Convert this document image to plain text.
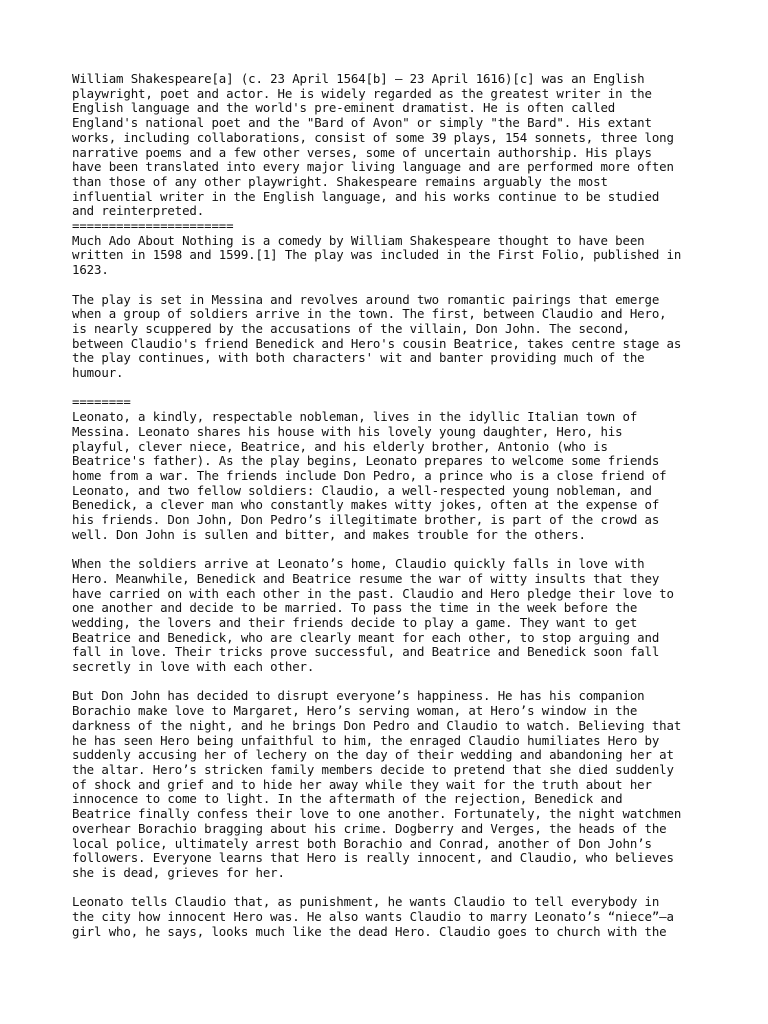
William Shakespeare[a] (c. 23 April 1564[b] – 23 April 1616)[c] was an English
playwright, poet and actor. He is widely regarded as the greatest writer in the
English language and the world's pre-eminent dramatist. He is often called
England's national poet and the "Bard of Avon" or simply "the Bard". His extant
works, including collaborations, consist of some 39 plays, 154 sonnets, three long
narrative poems and a few other verses, some of uncertain authorship. His plays
have been translated into every major living language and are performed more often
than those of any other playwright. Shakespeare remains arguably the most
influential writer in the English language, and his works continue to be studied
and reinterpreted.

======================

Much Ado About Nothing is a comedy by William Shakespeare thought to have been
written in 1598 and 1599.[1] The play was included in the First Folio, published in
1623.

The play is set in Messina and revolves around two romantic pairings that emerge
when a group of soldiers arrive in the town. The first, between Claudio and Hero,
is nearly scuppered by the accusations of the villain, Don John. The second,
between Claudio's friend Benedick and Hero's cousin Beatrice, takes centre stage as
the play continues, with both characters' wit and banter providing much of the
humour.

========

Leonato, a kindly, respectable nobleman, lives in the idyllic Italian town of
Messina. Leonato shares his house with his lovely young daughter, Hero, his
playful, clever niece, Beatrice, and his elderly brother, Antonio (who is
Beatrice's father). As the play begins, Leonato prepares to welcome some friends
home from a war. The friends include Don Pedro, a prince who is a close friend of
Leonato, and two fellow soldiers: Claudio, a well-respected young nobleman, and
Benedick, a clever man who constantly makes witty jokes, often at the expense of
his friends. Don John, Don Pedro’s illegitimate brother, is part of the crowd as
well. Don John is sullen and bitter, and makes trouble for the others.

When the soldiers arrive at Leonato’s home, Claudio quickly falls in love with
Hero. Meanwhile, Benedick and Beatrice resume the war of witty insults that they
have carried on with each other in the past. Claudio and Hero pledge their love to
one another and decide to be married. To pass the time in the week before the
wedding, the lovers and their friends decide to play a game. They want to get
Beatrice and Benedick, who are clearly meant for each other, to stop arguing and
fall in love. Their tricks prove successful, and Beatrice and Benedick soon fall
secretly in love with each other.

But Don John has decided to disrupt everyone’s happiness. He has his companion
Borachio make love to Margaret, Hero’s serving woman, at Hero’s window in the
darkness of the night, and he brings Don Pedro and Claudio to watch. Believing that
he has seen Hero being unfaithful to him, the enraged Claudio humiliates Hero by
suddenly accusing her of lechery on the day of their wedding and abandoning her at
the altar. Hero’s stricken family members decide to pretend that she died suddenly
of shock and grief and to hide her away while they wait for the truth about her
innocence to come to light. In the aftermath of the rejection, Benedick and
Beatrice finally confess their love to one another. Fortunately, the night watchmen
overhear Borachio bragging about his crime. Dogberry and Verges, the heads of the
local police, ultimately arrest both Borachio and Conrad, another of Don John’s
followers. Everyone learns that Hero is really innocent, and Claudio, who believes
she is dead, grieves for her.

Leonato tells Claudio that, as punishment, he wants Claudio to tell everybody in
the city how innocent Hero was. He also wants Claudio to marry Leonato’s “niece”—a
girl who, he says, looks much like the dead Hero. Claudio goes to church with the
